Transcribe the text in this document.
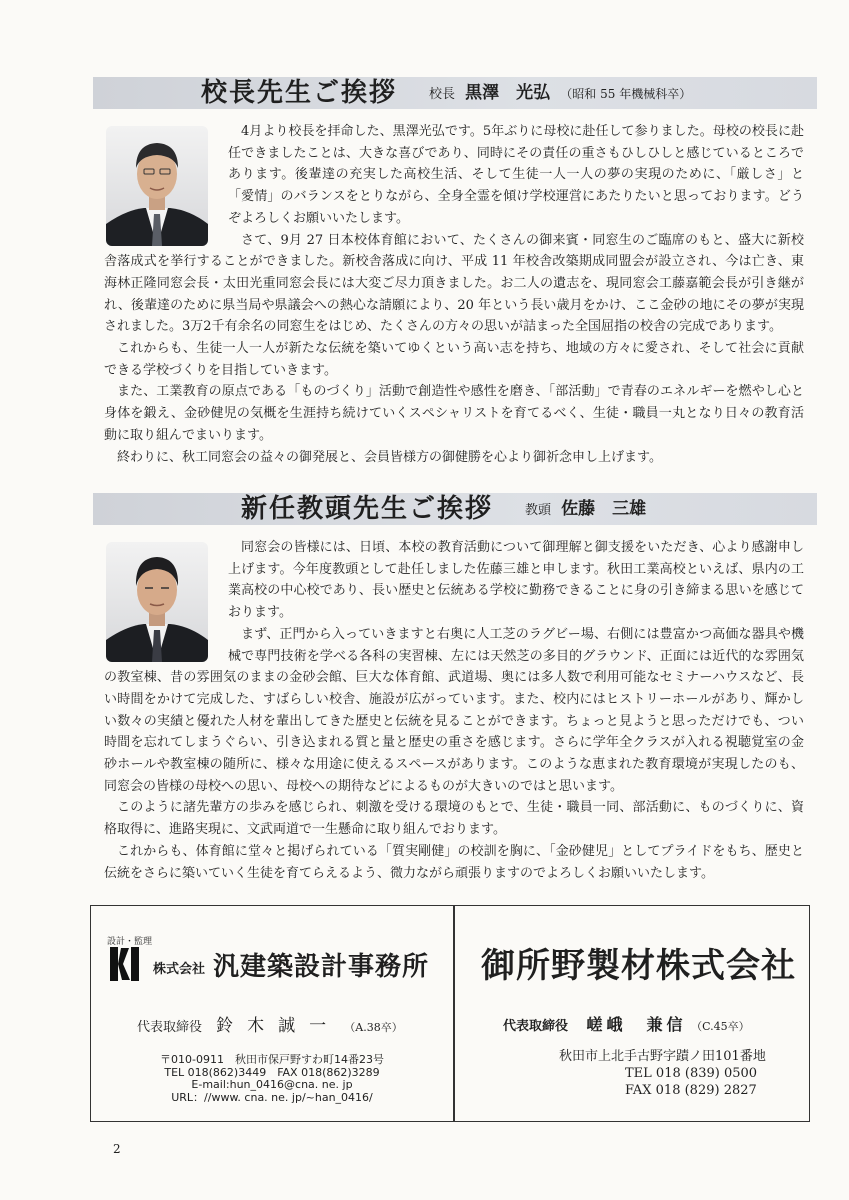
校長先生ご挨拶 校長 黒澤　光弘 （昭和 55 年機械科卒）

4月より校長を拝命した、黒澤光弘です。5年ぶりに母校に赴任して参りました。母校の校長に赴任できましたことは、大きな喜びであり、同時にその責任の重さもひしひしと感じているところであります。後輩達の充実した高校生活、そして生徒一人一人の夢の実現のために、「厳しさ」と「愛情」のバランスをとりながら、全身全霊を傾け学校運営にあたりたいと思っております。どうぞよろしくお願いいたします。

さて、9月 27 日本校体育館において、たくさんの御来賓・同窓生のご臨席のもと、盛大に新校舎落成式を挙行することができました。新校舎落成に向け、平成 11 年校舎改築期成同盟会が設立され、今は亡き、東海林正隆同窓会長・太田光重同窓会長には大変ご尽力頂きました。お二人の遺志を、現同窓会工藤嘉範会長が引き継がれ、後輩達のために県当局や県議会への熱心な請願により、20 年という長い歳月をかけ、ここ金砂の地にその夢が実現されました。3万2千有余名の同窓生をはじめ、たくさんの方々の思いが詰まった全国屈指の校舎の完成であります。

これからも、生徒一人一人が新たな伝統を築いてゆくという高い志を持ち、地域の方々に愛され、そして社会に貢献できる学校づくりを目指していきます。

また、工業教育の原点である「ものづくり」活動で創造性や感性を磨き、「部活動」で青春のエネルギーを燃やし心と身体を鍛え、金砂健児の気概を生涯持ち続けていくスペシャリストを育てるべく、生徒・職員一丸となり日々の教育活動に取り組んでまいります。

終わりに、秋工同窓会の益々の御発展と、会員皆様方の御健勝を心より御祈念申し上げます。

新任教頭先生ご挨拶 教頭 佐藤　三雄

同窓会の皆様には、日頃、本校の教育活動について御理解と御支援をいただき、心より感謝申し上げます。今年度教頭として赴任しました佐藤三雄と申します。秋田工業高校といえば、県内の工業高校の中心校であり、長い歴史と伝統ある学校に勤務できることに身の引き締まる思いを感じております。

まず、正門から入っていきますと右奥に人工芝のラグビー場、右側には豊富かつ高価な器具や機械で専門技術を学べる各科の実習棟、左には天然芝の多目的グラウンド、正面には近代的な雰囲気の教室棟、昔の雰囲気のままの金砂会館、巨大な体育館、武道場、奥には多人数で利用可能なセミナーハウスなど、長い時間をかけて完成した、すばらしい校舎、施設が広がっています。また、校内にはヒストリーホールがあり、輝かしい数々の実績と優れた人材を輩出してきた歴史と伝統を見ることができます。ちょっと見ようと思っただけでも、つい時間を忘れてしまうぐらい、引き込まれる質と量と歴史の重さを感じます。さらに学年全クラスが入れる視聴覚室の金砂ホールや教室棟の随所に、様々な用途に使えるスペースがあります。このような恵まれた教育環境が実現したのも、同窓会の皆様の母校への思い、母校への期待などによるものが大きいのではと思います。

このように諸先輩方の歩みを感じられ、刺激を受ける環境のもとで、生徒・職員一同、部活動に、ものづくりに、資格取得に、進路実現に、文武両道で一生懸命に取り組んでおります。

これからも、体育館に堂々と掲げられている「質実剛健」の校訓を胸に、「金砂健児」としてプライドをもち、歴史と伝統をさらに築いていく生徒を育てらえるよう、微力ながら頑張りますのでよろしくお願いいたします。

設計・監理
株式会社 汎建築設計事務所
代表取締役 鈴木誠一 （A.38卒）
〒010-0911　秋田市保戸野すわ町14番23号
TEL 018(862)3449　FAX 018(862)3289
E-mail:hun_0416@cna. ne. jp
URL：//www. cna. ne. jp/~han_0416/
御所野製材株式会社
代表取締役 嵯峨　兼信 （C.45卒）
秋田市上北手古野字蹟ノ田101番地
TEL 018 (839) 0500
FAX 018 (829) 2827
2
